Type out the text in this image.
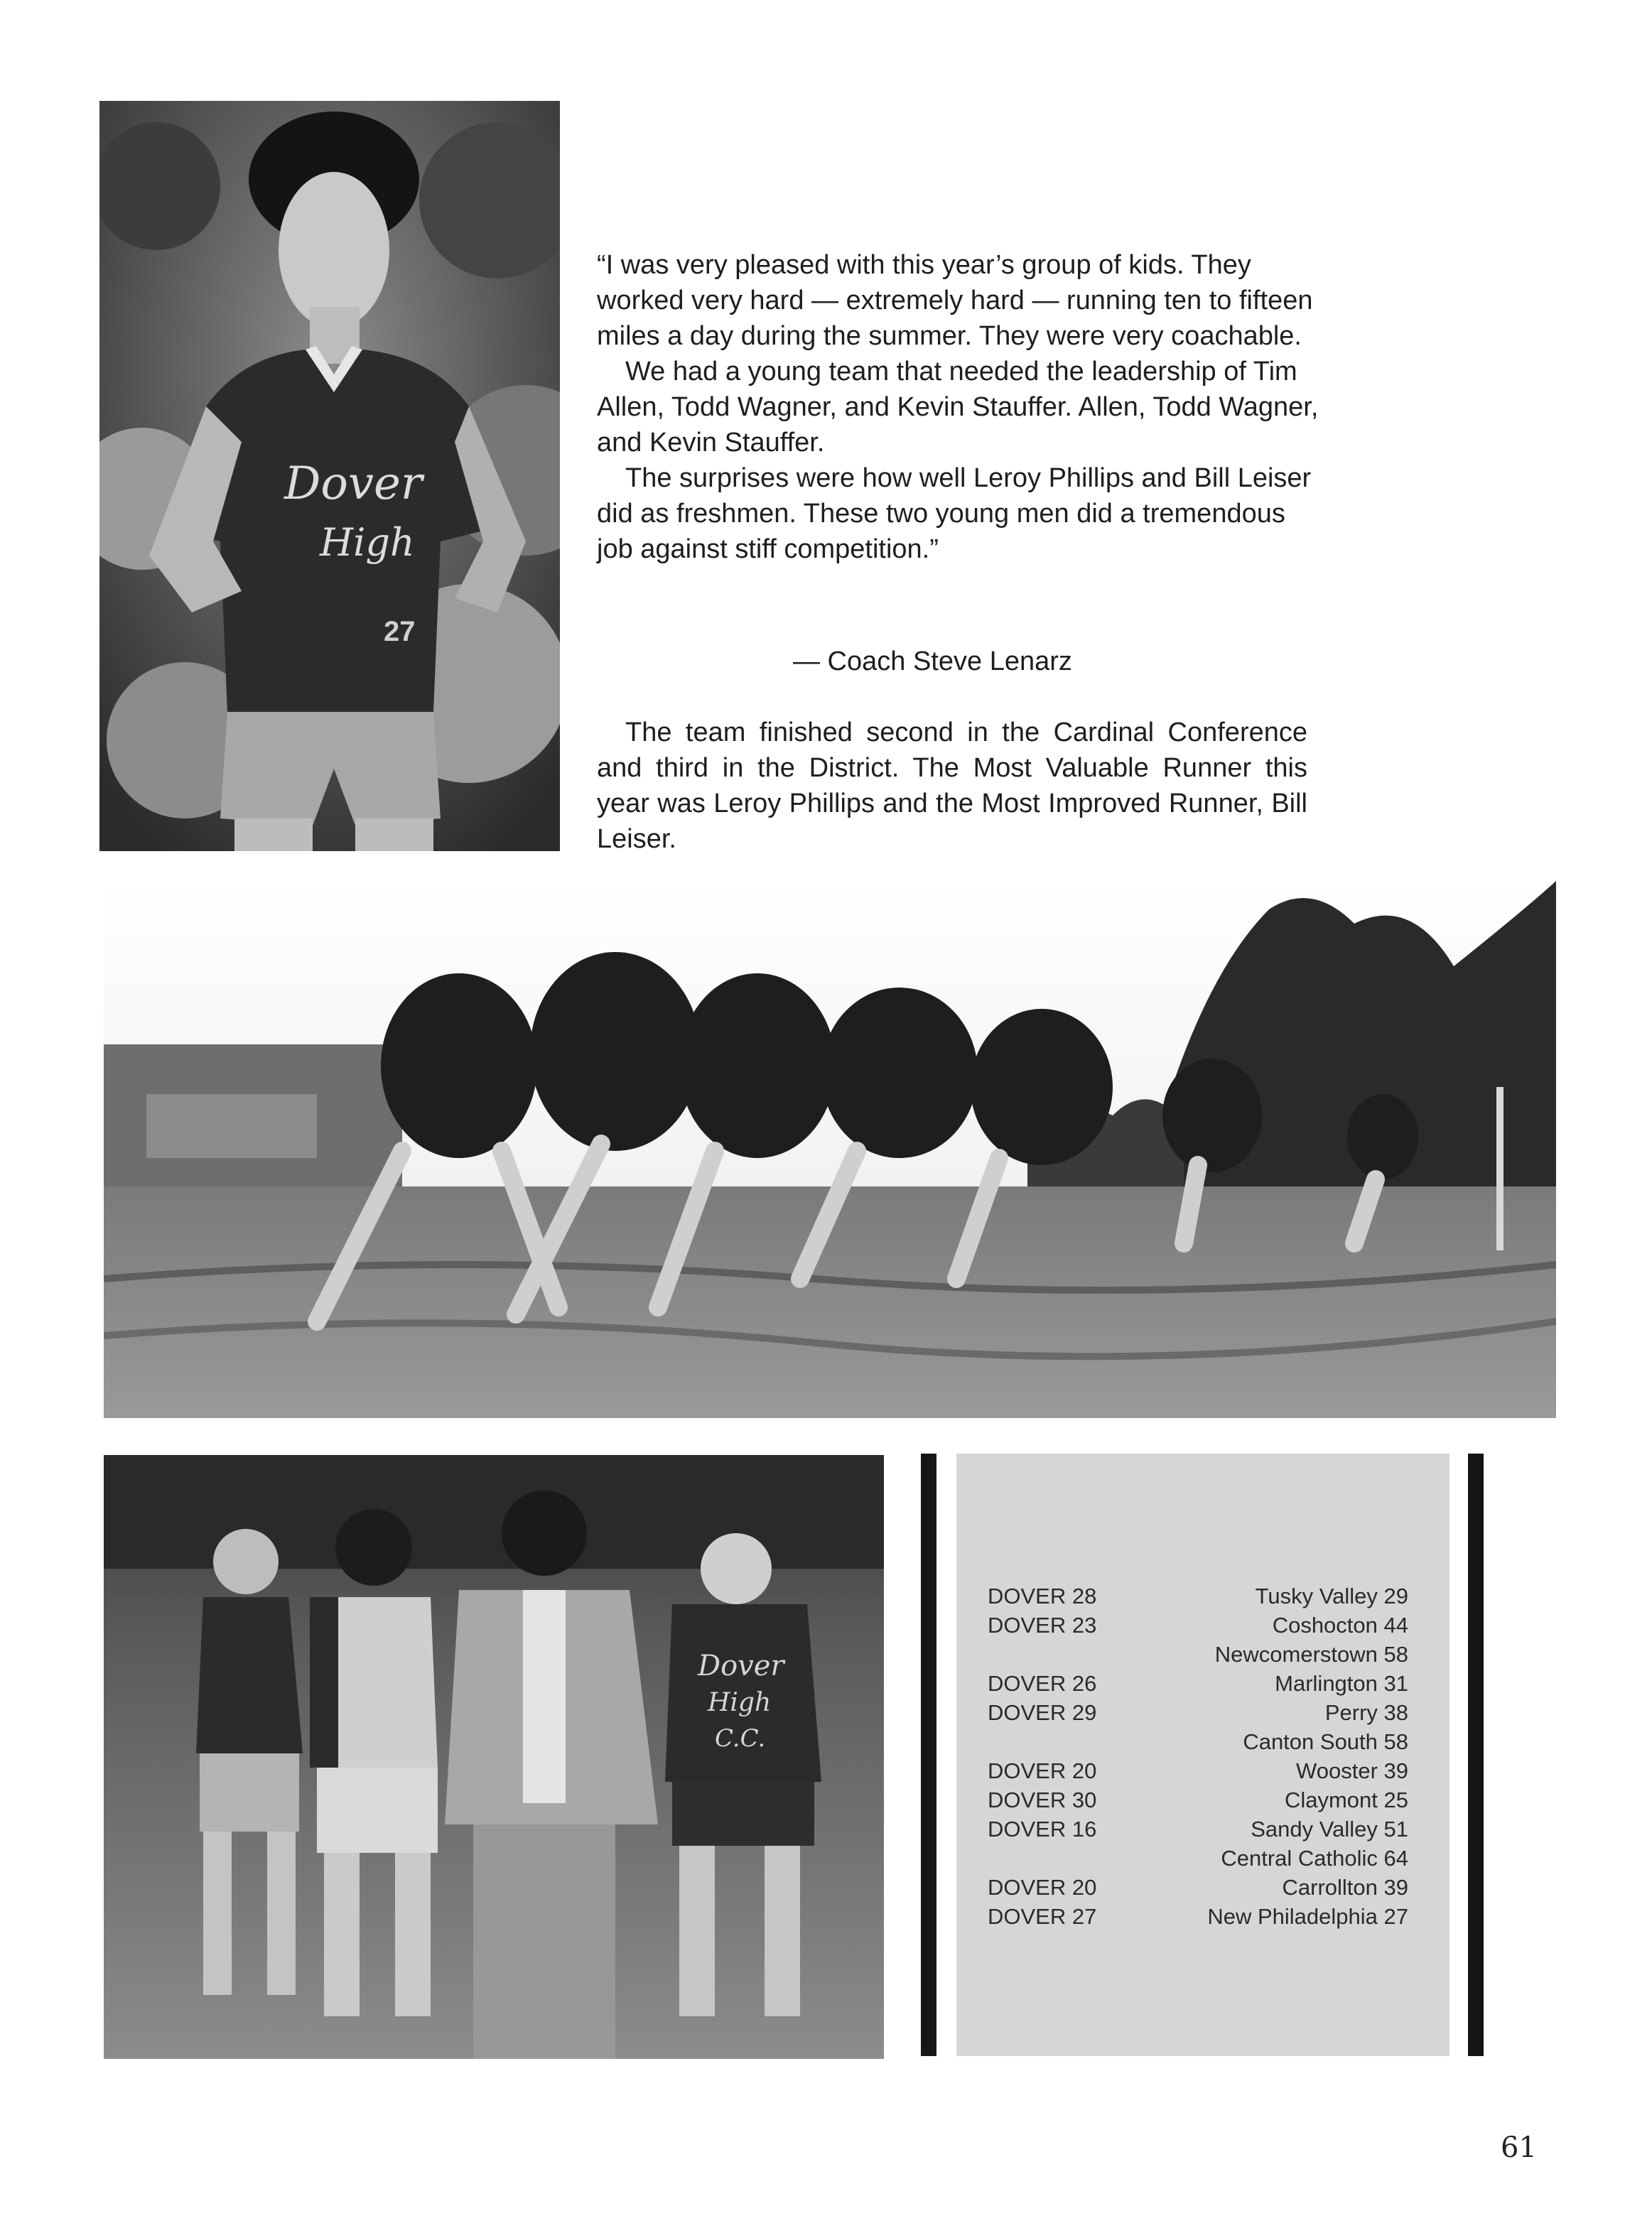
Dover
High
27

“I was very pleased with this year’s group of kids. They worked very hard — extremely hard — running ten to fifteen miles a day during the summer. They were very coachable.

We had a young team that needed the leadership of Tim Allen, Todd Wagner, and Kevin Stauffer. Allen, Todd Wagner, and Kevin Stauffer.

The surprises were how well Leroy Phillips and Bill Leiser did as freshmen. These two young men did a tremendous job against stiff competition.”

— Coach Steve Lenarz
The team finished second in the Cardinal Conference and third in the District. The Most Valuable Runner this year was Leroy Phillips and the Most Improved Runner, Bill Leiser.
Dover
High
C.C.
DOVER 28	Tusky Valley 29
DOVER 23	Coshocton 44
Newcomerstown 58
DOVER 26	Marlington 31
DOVER 29	Perry 38
Canton South 58
DOVER 20	Wooster 39
DOVER 30	Claymont 25
DOVER 16	Sandy Valley 51
Central Catholic 64
DOVER 20	Carrollton 39
DOVER 27	New Philadelphia 27
61
